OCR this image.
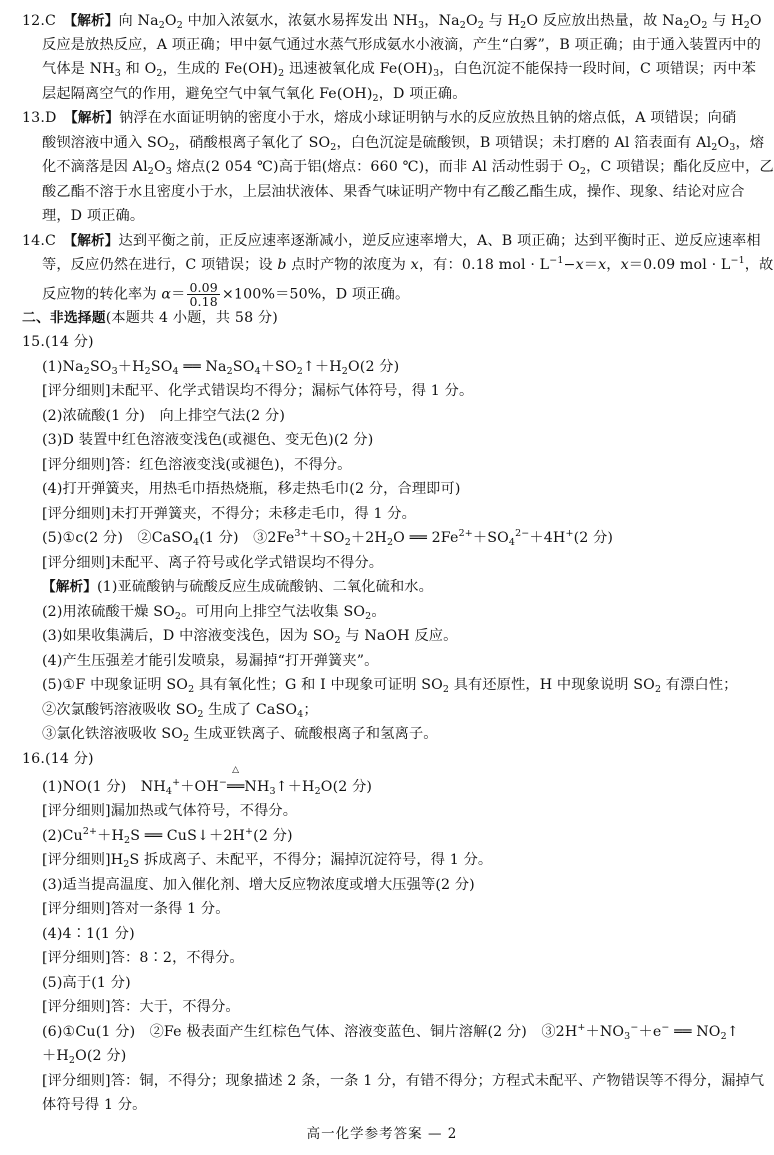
12.C　【解析】向 $Na_2O_2$ 中加入浓氨水，浓氨水易挥发出 $NH_3$，$Na_2O_2$ 与 $H_2O$ 反应放出热量，故 $Na_2O_2$ 与 $H_2O$
反应是放热反应，A 项正确；甲中氨气通过水蒸气形成氨水小液滴，产生“白雾”，B 项正确；由于通入装置丙中的
气体是 $NH_3$ 和 $O_2$，生成的 $Fe(OH)_2$ 迅速被氧化成 $Fe(OH)_3$，白色沉淀不能保持一段时间，C 项错误；丙中苯
层起隔离空气的作用，避免空气中氧气氧化 $Fe(OH)_2$，D 项正确。
13.D　【解析】钠浮在水面证明钠的密度小于水，熔成小球证明钠与水的反应放热且钠的熔点低，A 项错误；向硝
酸钡溶液中通入 $SO_2$，硝酸根离子氧化了 $SO_2$，白色沉淀是硫酸钡，B 项错误；未打磨的 Al 箔表面有 $Al_2O_3$，熔
化不滴落是因 $Al_2O_3$ 熔点(2 054 ℃)高于铝(熔点：660 ℃)，而非 Al 活动性弱于 $O_2$，C 项错误；酯化反应中，乙
酸乙酯不溶于水且密度小于水，上层油状液体、果香气味证明产物中有乙酸乙酯生成，操作、现象、结论对应合
理，D 项正确。
14.C　【解析】达到平衡之前，正反应速率逐渐减小，逆反应速率增大，A、B 项正确；达到平衡时正、逆反应速率相
等，反应仍然在进行，C 项错误；设 b 点时产物的浓度为 x，有：0.18 mol · $L^{-1}-x=x$，x＝0.09 mol · $L^{-1}$，故
反应物的转化率为 $\alpha= \frac{0.09}{0.18} \times 100\%=50\%$，D 项正确。
二、非选择题(本题共 4 小题，共 58 分)
15.(14 分)
$(1)Na_2SO_3+H_2SO_4$ ══ $Na_2SO_4+SO_2↑+H_2O(2$ 分)
[评分细则]未配平、化学式错误均不得分；漏标气体符号，得 1 分。
(2)浓硫酸(1 分)　向上排空气法(2 分)
(3)D 装置中红色溶液变浅色(或褪色、变无色)(2 分)
[评分细则]答：红色溶液变浅(或褪色)，不得分。
(4)打开弹簧夹，用热毛巾捂热烧瓶，移走热毛巾(2 分，合理即可)
[评分细则]未打开弹簧夹，不得分；未移走毛巾，得 1 分。
(5)①c(2 分)　②CaSO$_4$(1 分)　$③2Fe^{3+}+SO_2+2H_2O$ ══ $2Fe^{2+}+SO_4^{2-}+4H^+(2$ 分)
[评分细则]未配平、离子符号或化学式错误均不得分。
【解析】(1)亚硫酸钠与硫酸反应生成硫酸钠、二氧化硫和水。
(2)用浓硫酸干燥 $SO_2$。可用向上排空气法收集 $SO_2$。
(3)如果收集满后，D 中溶液变浅色，因为 $SO_2$ 与 NaOH 反应。
(4)产生压强差才能引发喷泉，易漏掉“打开弹簧夹”。
(5)①F 中现象证明 $SO_2$ 具有氧化性；G 和 I 中现象可证明 $SO_2$ 具有还原性，H 中现象说明 $SO_2$ 有漂白性；
②次氯酸钙溶液吸收 $SO_2$ 生成了 CaSO$_4$；
③氯化铁溶液吸收 $SO_2$ 生成亚铁离子、硫酸根离子和氢离子。
16.(14 分)
(1)NO(1 分)　$NH_4^++OH^-$
△
$══NH_3↑+H_2O(2$ 分)
[评分细则]漏加热或气体符号，不得分。
$(2)Cu^{2+}+H_2S$ ══ CuS↓＋2H+(2 分)
[评分细则]$H_2S$ 拆成离子、未配平，不得分；漏掉沉淀符号，得 1 分。
(3)适当提高温度、加入催化剂、增大反应物浓度或增大压强等(2 分)
[评分细则]答对一条得 1 分。
(4)4∶1(1 分)
[评分细则]答：8∶2，不得分。
(5)高于(1 分)
[评分细则]答：大于，不得分。
(6)①Cu(1 分)　②Fe 极表面产生红棕色气体、溶液变蓝色、铜片溶解(2 分)　$③2H^++NO_3^-+e^-$ ══ $NO_2↑$
$+H_2O(2$ 分)
[评分细则]答：铜，不得分；现象描述 2 条，一条 1 分，有错不得分；方程式未配平、产物错误等不得分，漏掉气
体符号得 1 分。
高一化学参考答案 — 2
